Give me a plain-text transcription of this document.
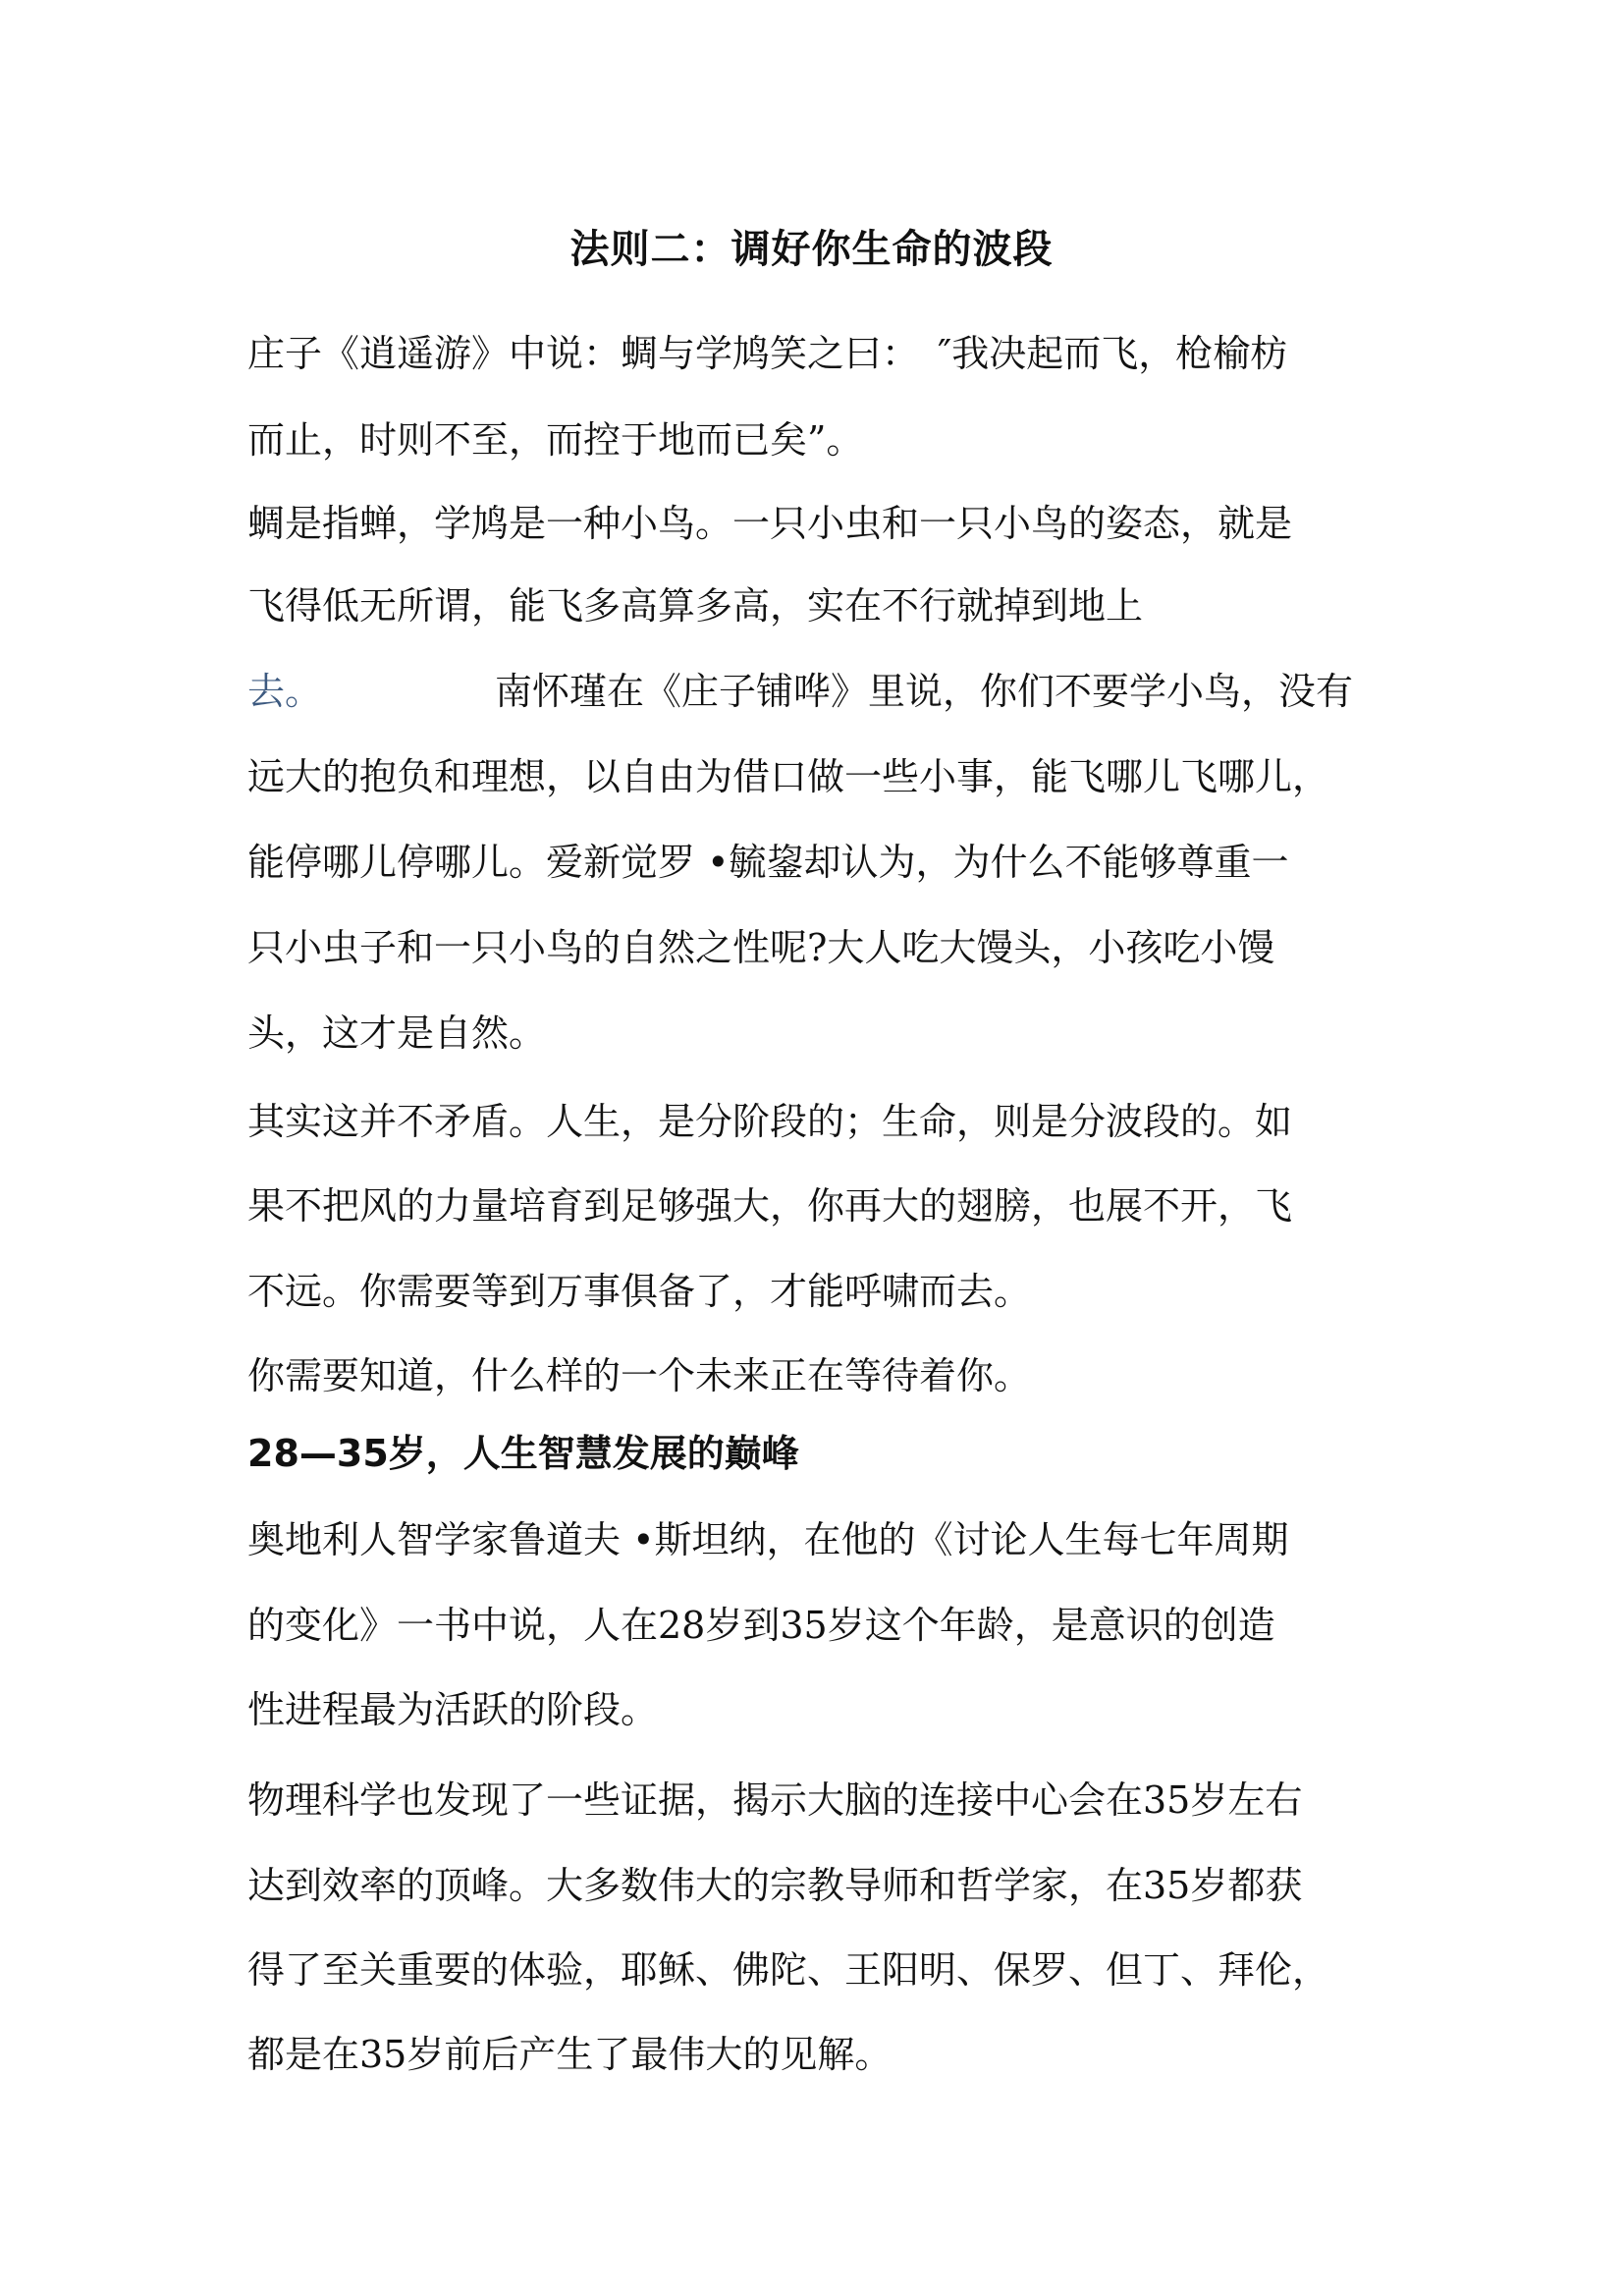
法则二：调好你生命的波段
庄子《逍遥游》中说：蜩与学鸠笑之曰：　″我决起而飞，枪榆枋
而止，时则不至，而控于地而已矣”。
蜩是指蝉，学鸠是一种小鸟。一只小虫和一只小鸟的姿态，就是
飞得低无所谓，能飞多高算多高，实在不行就掉到地上
去。	南怀瑾在《庄子铺哗》里说，你们不要学小鸟，没有
远大的抱负和理想，以自由为借口做一些小事，能飞哪儿飞哪儿，
能停哪儿停哪儿。爱新觉罗 •毓鋆却认为，为什么不能够尊重一
只小虫子和一只小鸟的自然之性呢?大人吃大馒头，小孩吃小馒
头，这才是自然。
其实这并不矛盾。人生，是分阶段的；生命，则是分波段的。如
果不把风的力量培育到足够强大，你再大的翅膀，也展不开，飞
不远。你需要等到万事俱备了，才能呼啸而去。
你需要知道，什么样的一个未来正在等待着你。
28—35岁，人生智慧发展的巅峰
奥地利人智学家鲁道夫 •斯坦纳，在他的《讨论人生每七年周期
的变化》一书中说，人在28岁到35岁这个年龄，是意识的创造
性进程最为活跃的阶段。
物理科学也发现了一些证据，揭示大脑的连接中心会在35岁左右
达到效率的顶峰。大多数伟大的宗教导师和哲学家，在35岁都获
得了至关重要的体验，耶稣、佛陀、王阳明、保罗、但丁、拜伦，
都是在35岁前后产生了最伟大的见解。
